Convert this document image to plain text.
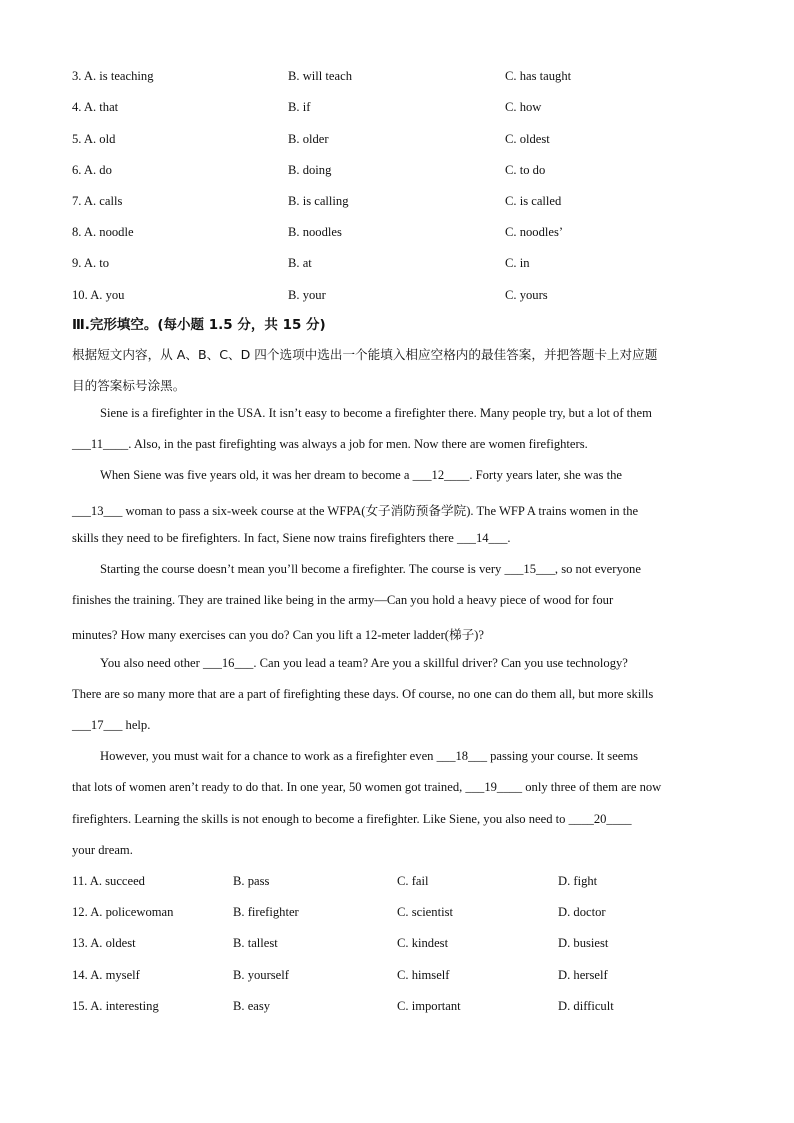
3. A. is teaching	B. will teach	C. has taught
4. A. that	B. if	C. how
5. A. old	B. older	C. oldest
6. A. do	B. doing	C. to do
7. A. calls	B. is calling	C. is called
8. A. noodle	B. noodles	C. noodles’
9. A. to	B. at	C. in
10. A. you	B. your	C. yours
Ⅲ.完形填空。(每小题 1.5 分，共 15 分)
根据短文内容，从 A、B、C、D 四个选项中选出一个能填入相应空格内的最佳答案，并把答题卡上对应题
目的答案标号涂黑。
Siene is a firefighter in the USA. It isn’t easy to become a firefighter there. Many people try, but a lot of them
___11____. Also, in the past firefighting was always a job for men. Now there are women firefighters.
When Siene was five years old, it was her dream to become a ___12____. Forty years later, she was the
___13___ woman to pass a six-week course at the WFPA(女子消防预备学院). The WFP A trains women in the
skills they need to be firefighters. In fact, Siene now trains firefighters there ___14___.
Starting the course doesn’t mean you’ll become a firefighter. The course is very ___15___, so not everyone
finishes the training. They are trained like being in the army—Can you hold a heavy piece of wood for four
minutes? How many exercises can you do? Can you lift a 12-meter ladder(梯子)?
You also need other ___16___. Can you lead a team? Are you a skillful driver? Can you use technology?
There are so many more that are a part of firefighting these days. Of course, no one can do them all, but more skills
___17___ help.
However, you must wait for a chance to work as a firefighter even ___18___ passing your course. It seems
that lots of women aren’t ready to do that. In one year, 50 women got trained, ___19____ only three of them are now
firefighters. Learning the skills is not enough to become a firefighter. Like Siene, you also need to ____20____
your dream.
11. A. succeed	B. pass	C. fail	D. fight
12. A. policewoman	B. firefighter	C. scientist	D. doctor
13. A. oldest	B. tallest	C. kindest	D. busiest
14. A. myself	B. yourself	C. himself	D. herself
15. A. interesting	B. easy	C. important	D. difficult
